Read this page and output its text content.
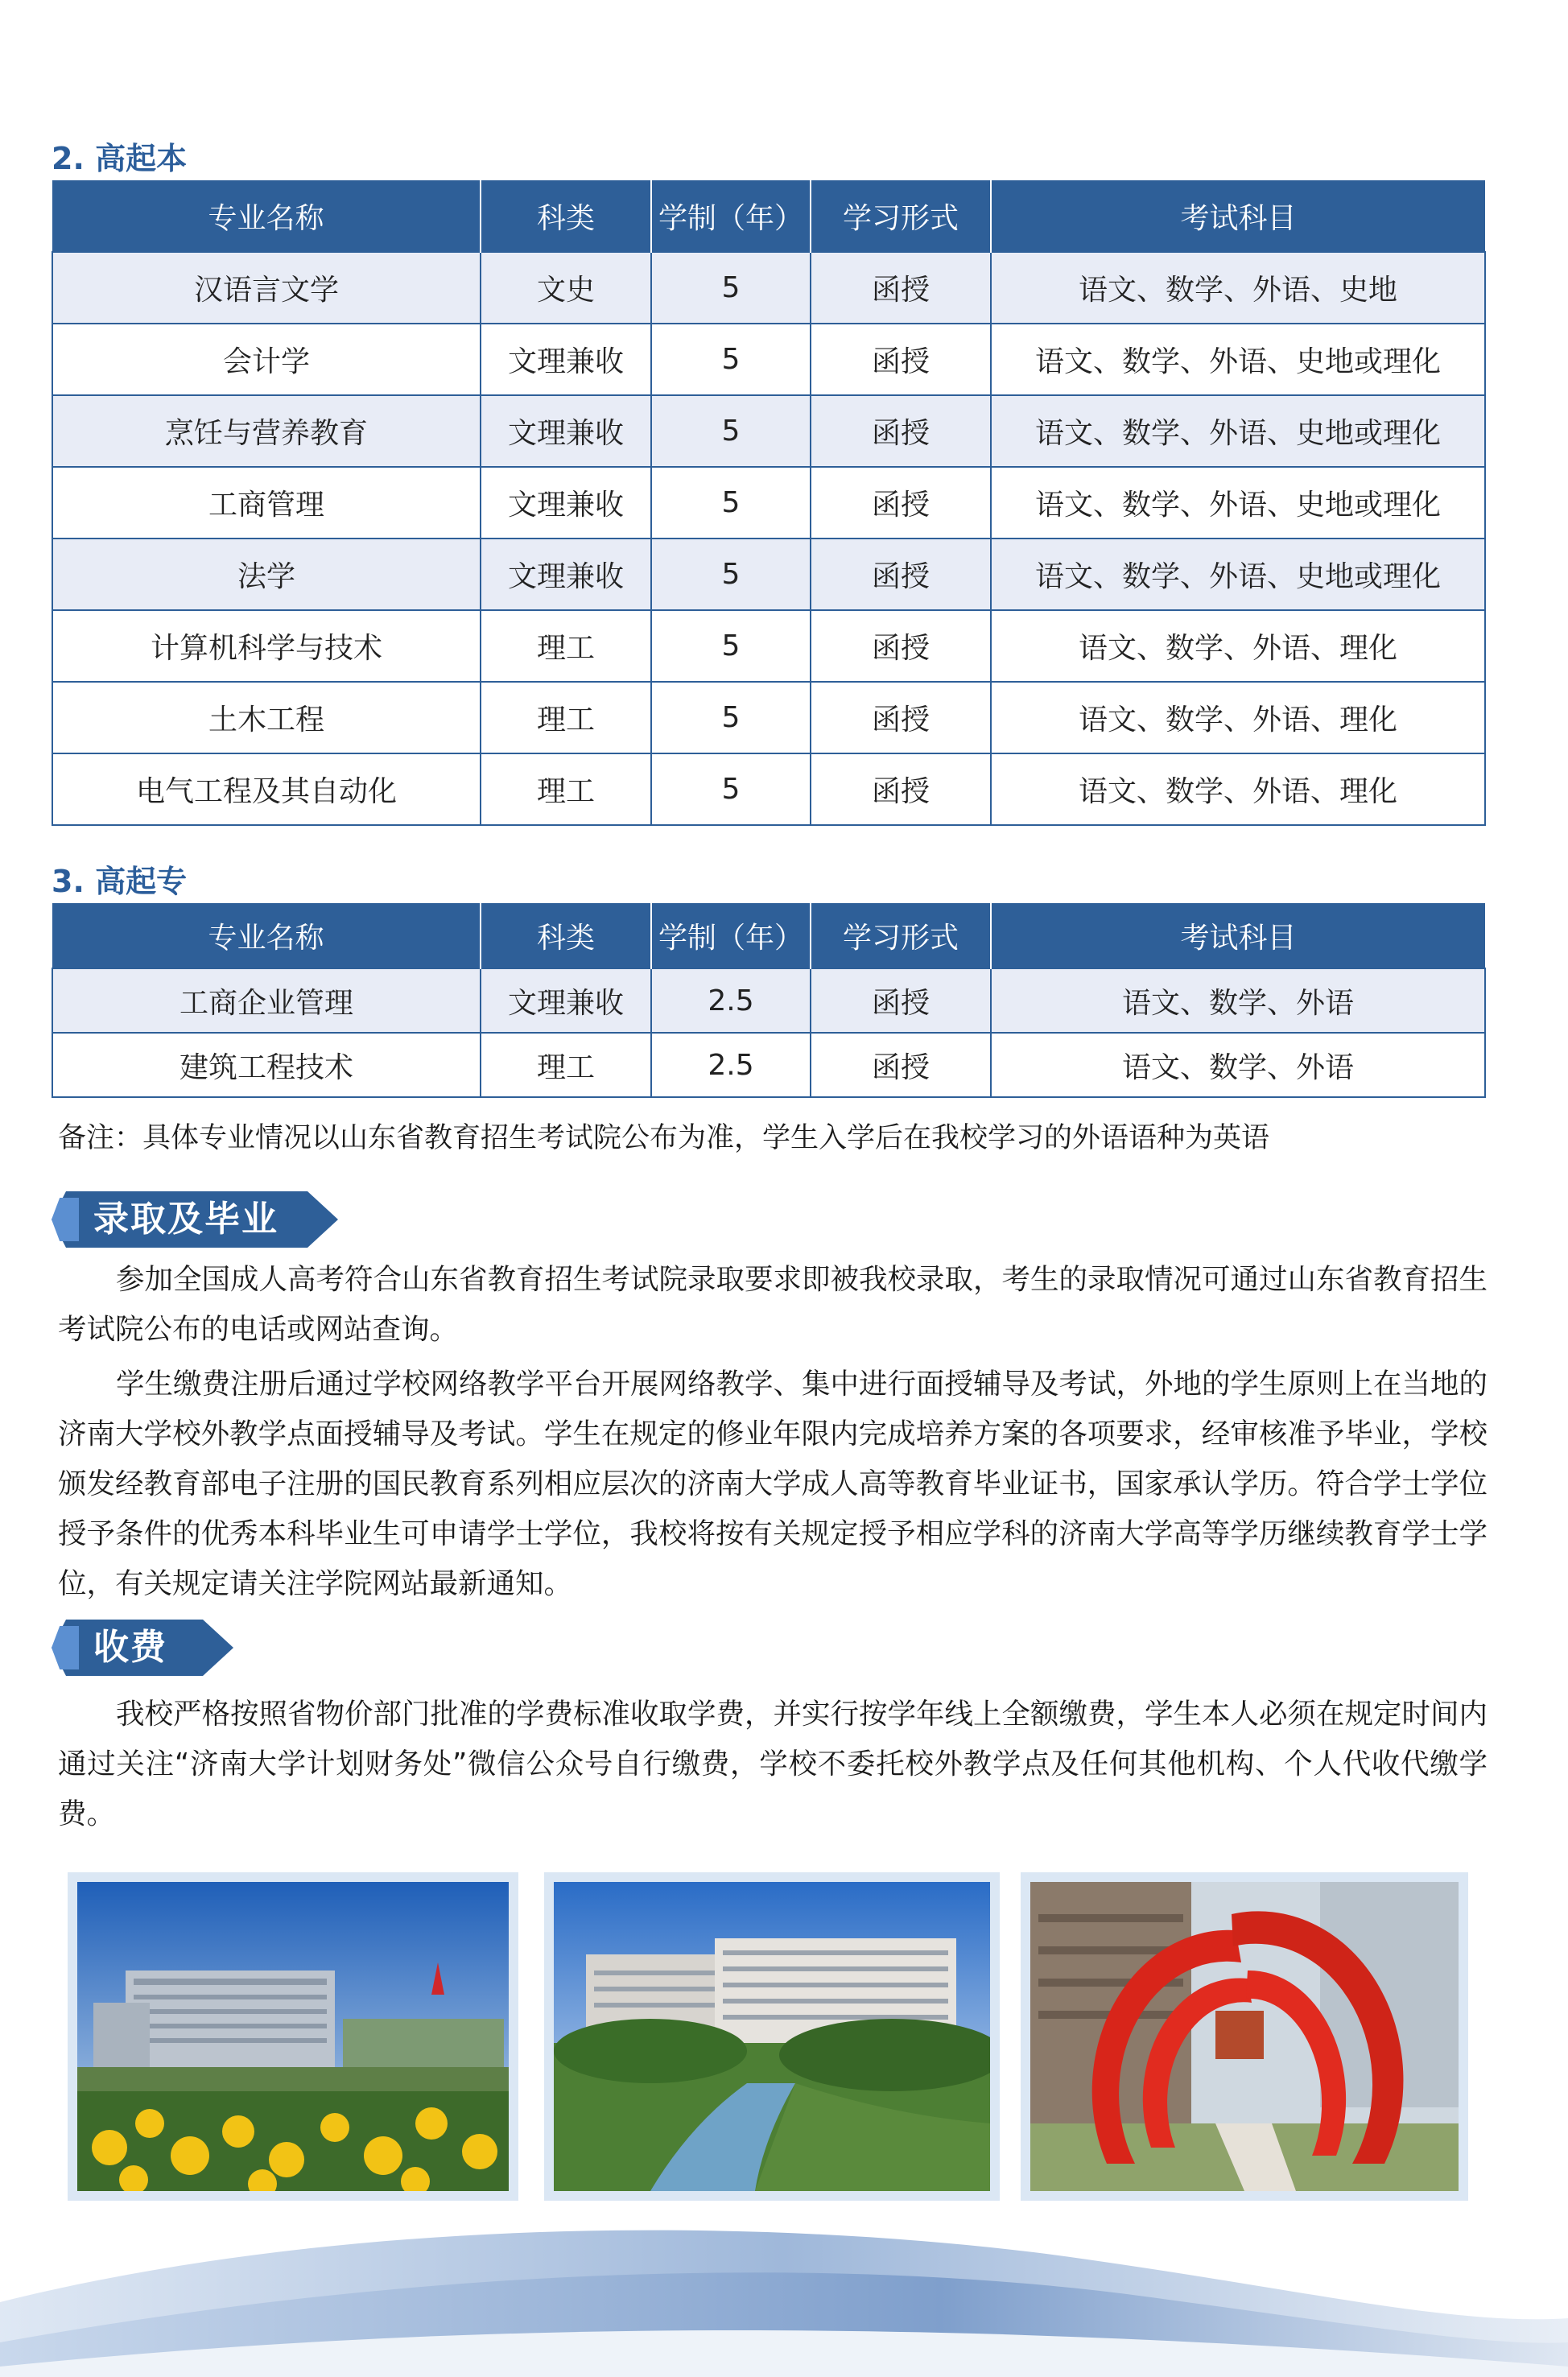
2. 高起本
专业名称	科类	学制（年）	学习形式	考试科目
汉语言文学	文史	5	函授	语文、数学、外语、史地
会计学	文理兼收	5	函授	语文、数学、外语、史地或理化
烹饪与营养教育	文理兼收	5	函授	语文、数学、外语、史地或理化
工商管理	文理兼收	5	函授	语文、数学、外语、史地或理化
法学	文理兼收	5	函授	语文、数学、外语、史地或理化
计算机科学与技术	理工	5	函授	语文、数学、外语、理化
土木工程	理工	5	函授	语文、数学、外语、理化
电气工程及其自动化	理工	5	函授	语文、数学、外语、理化
3. 高起专
专业名称	科类	学制（年）	学习形式	考试科目
工商企业管理	文理兼收	2.5	函授	语文、数学、外语
建筑工程技术	理工	2.5	函授	语文、数学、外语

备注：具体专业情况以山东省教育招生考试院公布为准，学生入学后在我校学习的外语语种为英语

录取及毕业

参加全国成人高考符合山东省教育招生考试院录取要求即被我校录取，考生的录取情况可通过山东省教育招生考试院公布的电话或网站查询。

学生缴费注册后通过学校网络教学平台开展网络教学、集中进行面授辅导及考试，外地的学生原则上在当地的济南大学校外教学点面授辅导及考试。学生在规定的修业年限内完成培养方案的各项要求，经审核准予毕业，学校颁发经教育部电子注册的国民教育系列相应层次的济南大学成人高等教育毕业证书，国家承认学历。符合学士学位授予条件的优秀本科毕业生可申请学士学位，我校将按有关规定授予相应学科的济南大学高等学历继续教育学士学位，有关规定请关注学院网站最新通知。

收费

我校严格按照省物价部门批准的学费标准收取学费，并实行按学年线上全额缴费，学生本人必须在规定时间内通过关注“济南大学计划财务处”微信公众号自行缴费，学校不委托校外教学点及任何其他机构、个人代收代缴学费。
